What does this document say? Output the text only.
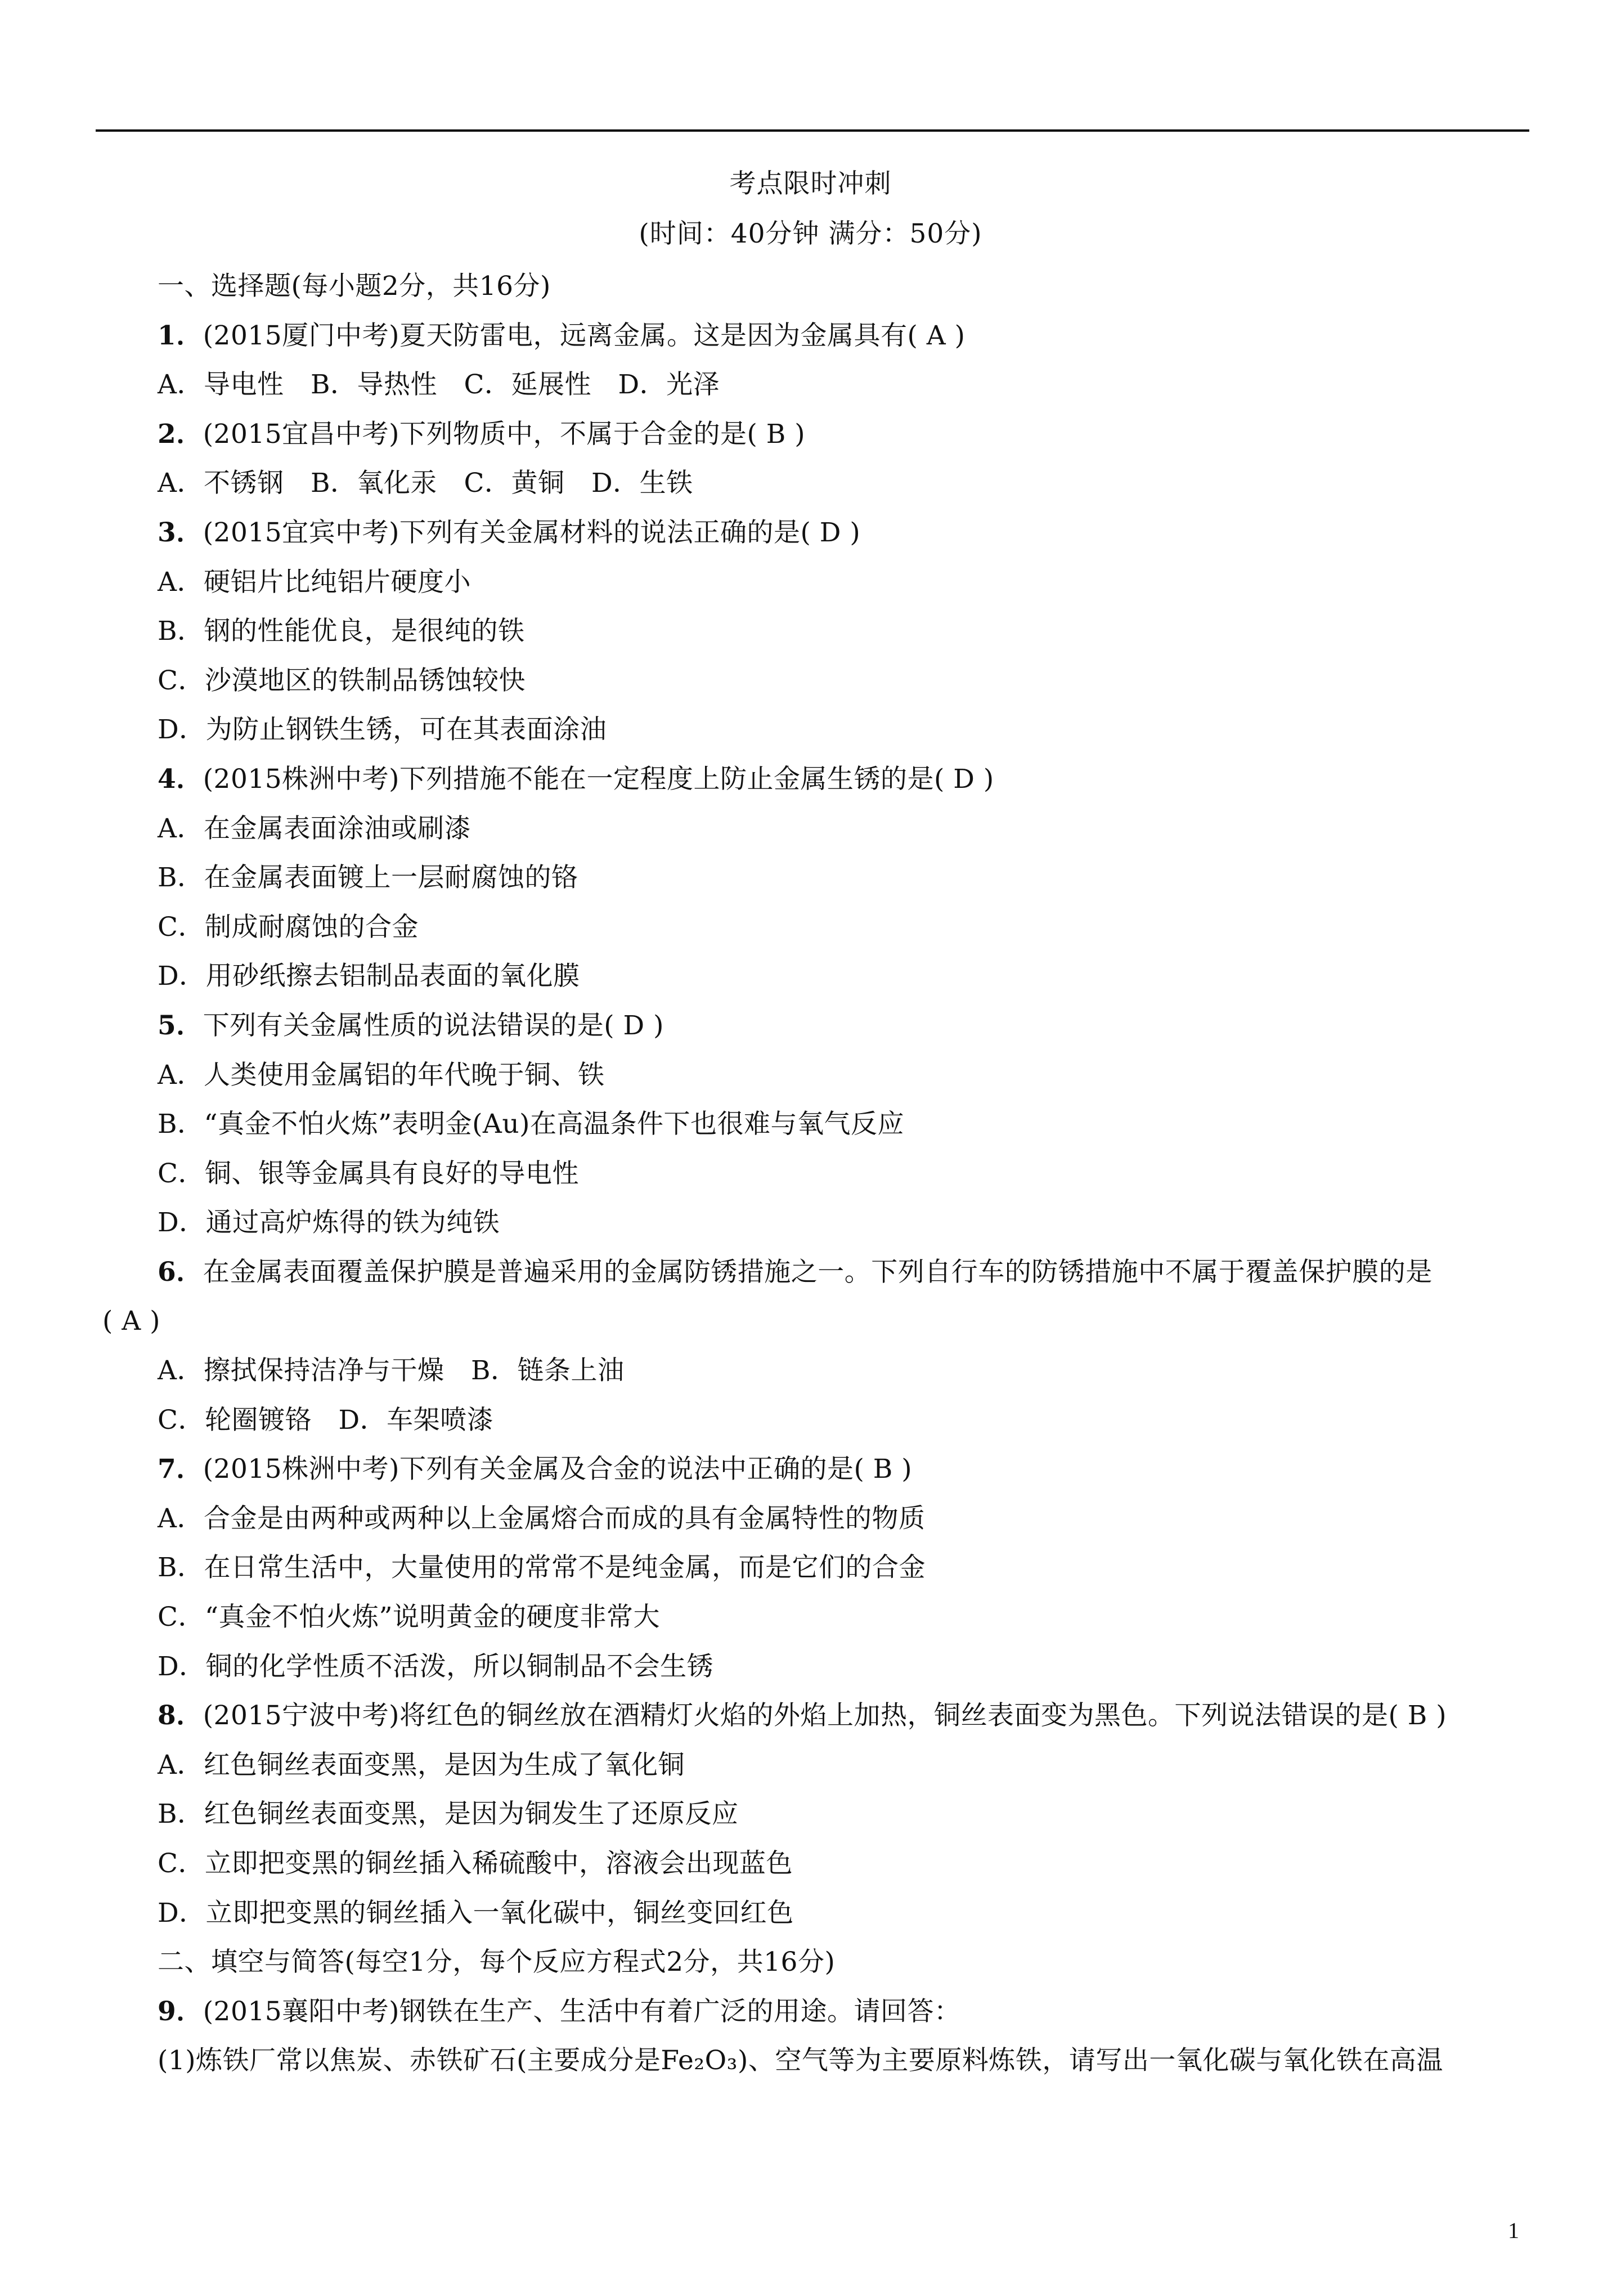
考点限时冲刺
(时间：40分钟 满分：50分)
一、选择题(每小题2分，共16分)
1．(2015厦门中考)夏天防雷电，远离金属。这是因为金属具有( A )
A．导电性　B．导热性　C．延展性　D．光泽
2．(2015宜昌中考)下列物质中，不属于合金的是( B )
A．不锈钢　B．氧化汞　C．黄铜　D．生铁
3．(2015宜宾中考)下列有关金属材料的说法正确的是( D )
A．硬铝片比纯铝片硬度小
B．钢的性能优良，是很纯的铁
C．沙漠地区的铁制品锈蚀较快
D．为防止钢铁生锈，可在其表面涂油
4．(2015株洲中考)下列措施不能在一定程度上防止金属生锈的是( D )
A．在金属表面涂油或刷漆
B．在金属表面镀上一层耐腐蚀的铬
C．制成耐腐蚀的合金
D．用砂纸擦去铝制品表面的氧化膜
5．下列有关金属性质的说法错误的是( D )
A．人类使用金属铝的年代晚于铜、铁
B．“真金不怕火炼”表明金(Au)在高温条件下也很难与氧气反应
C．铜、银等金属具有良好的导电性
D．通过高炉炼得的铁为纯铁
6．在金属表面覆盖保护膜是普遍采用的金属防锈措施之一。下列自行车的防锈措施中不属于覆盖保护膜的是
( A )
A．擦拭保持洁净与干燥　B．链条上油
C．轮圈镀铬　D．车架喷漆
7．(2015株洲中考)下列有关金属及合金的说法中正确的是( B )
A．合金是由两种或两种以上金属熔合而成的具有金属特性的物质
B．在日常生活中，大量使用的常常不是纯金属，而是它们的合金
C．“真金不怕火炼”说明黄金的硬度非常大
D．铜的化学性质不活泼，所以铜制品不会生锈
8．(2015宁波中考)将红色的铜丝放在酒精灯火焰的外焰上加热，铜丝表面变为黑色。下列说法错误的是( B )
A．红色铜丝表面变黑，是因为生成了氧化铜
B．红色铜丝表面变黑，是因为铜发生了还原反应
C．立即把变黑的铜丝插入稀硫酸中，溶液会出现蓝色
D．立即把变黑的铜丝插入一氧化碳中，铜丝变回红色
二、填空与简答(每空1分，每个反应方程式2分，共16分)
9．(2015襄阳中考)钢铁在生产、生活中有着广泛的用途。请回答：
(1)炼铁厂常以焦炭、赤铁矿石(主要成分是Fe₂O₃)、空气等为主要原料炼铁，请写出一氧化碳与氧化铁在高温
1
